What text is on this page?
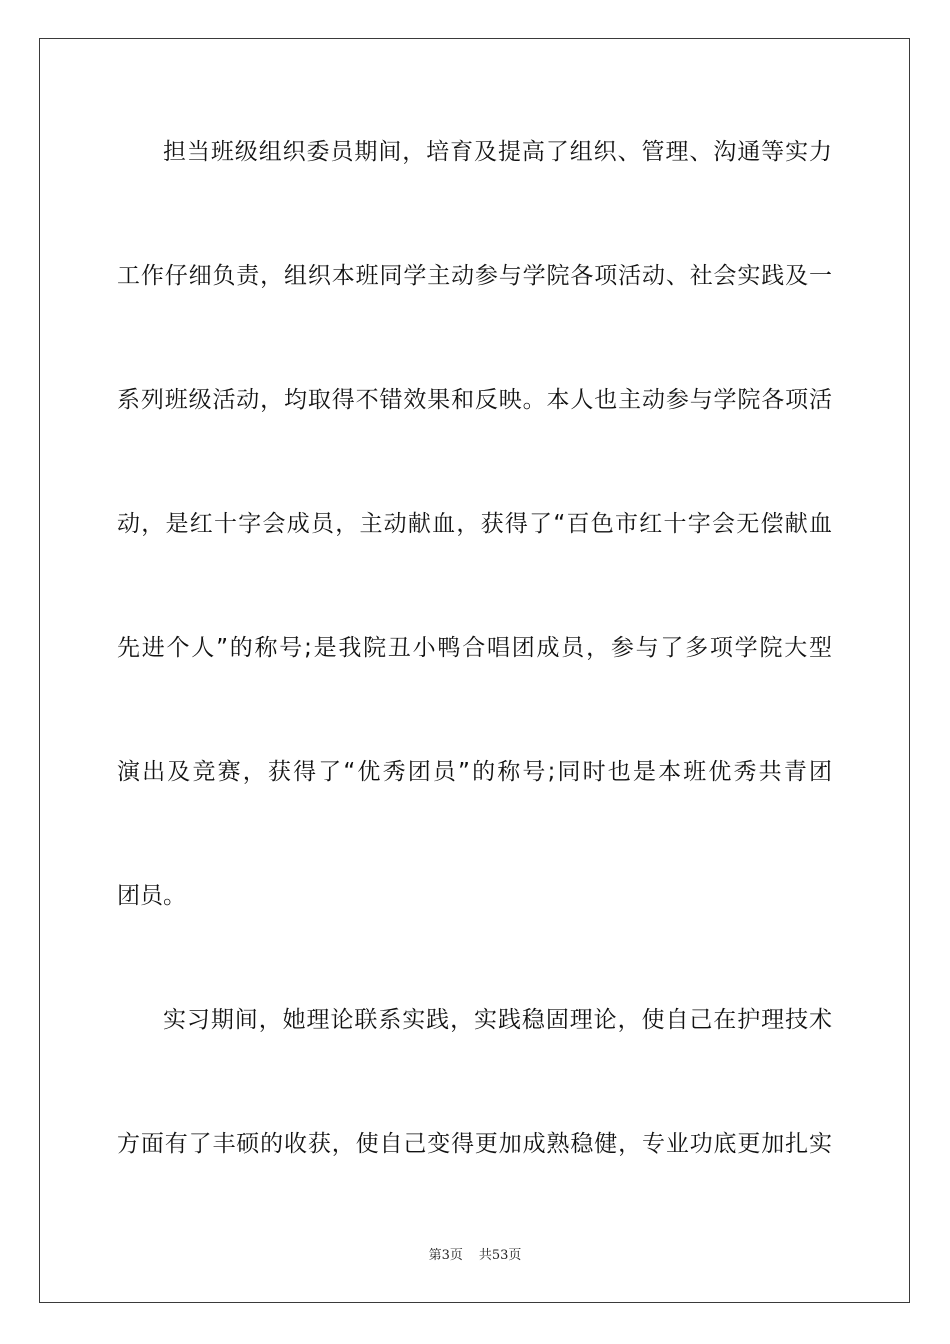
担当班级组织委员期间，培育及提高了组织、管理、沟通等实力
工作仔细负责，组织本班同学主动参与学院各项活动、社会实践及一
系列班级活动，均取得不错效果和反映。本人也主动参与学院各项活
动，是红十字会成员，主动献血，获得了“百色市红十字会无偿献血
先进个人”的称号;是我院丑小鸭合唱团成员，参与了多项学院大型
演出及竞赛，获得了“优秀团员”的称号;同时也是本班优秀共青团
团员。
实习期间，她理论联系实践，实践稳固理论，使自己在护理技术
方面有了丰硕的收获，使自己变得更加成熟稳健，专业功底更加扎实
第3页 共53页
